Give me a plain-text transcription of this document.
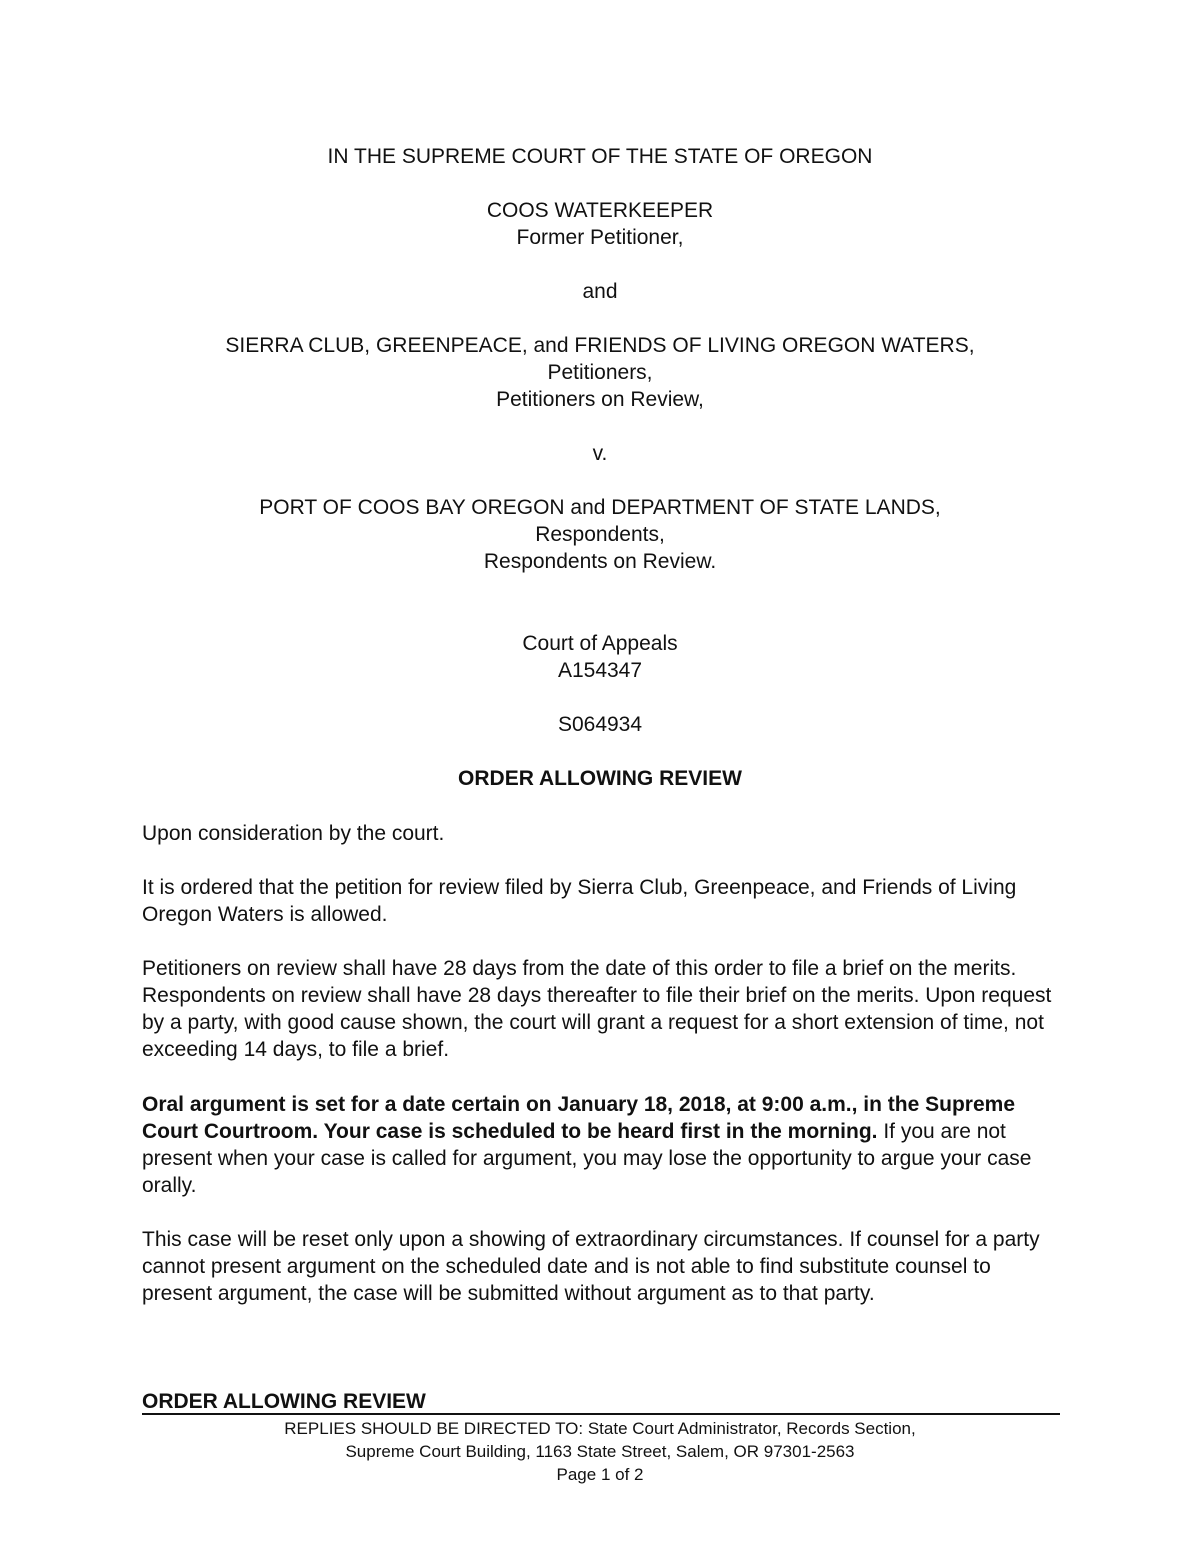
IN THE SUPREME COURT OF THE STATE OF OREGON
COOS WATERKEEPER
Former Petitioner,
and
SIERRA CLUB, GREENPEACE, and FRIENDS OF LIVING OREGON WATERS,
Petitioners,
Petitioners on Review,
v.
PORT OF COOS BAY OREGON and DEPARTMENT OF STATE LANDS,
Respondents,
Respondents on Review.
Court of Appeals
A154347
S064934
ORDER ALLOWING REVIEW
Upon consideration by the court.
It is ordered that the petition for review filed by Sierra Club, Greenpeace, and Friends of Living Oregon Waters is allowed.
Petitioners on review shall have 28 days from the date of this order to file a brief on the merits. Respondents on review shall have 28 days thereafter to file their brief on the merits. Upon request by a party, with good cause shown, the court will grant a request for a short extension of time, not exceeding 14 days, to file a brief.
Oral argument is set for a date certain on January 18, 2018, at 9:00 a.m., in the Supreme Court Courtroom. Your case is scheduled to be heard first in the morning. If you are not present when your case is called for argument, you may lose the opportunity to argue your case orally.
This case will be reset only upon a showing of extraordinary circumstances. If counsel for a party cannot present argument on the scheduled date and is not able to find substitute counsel to present argument, the case will be submitted without argument as to that party.
ORDER ALLOWING REVIEW
REPLIES SHOULD BE DIRECTED TO: State Court Administrator, Records Section,
Supreme Court Building, 1163 State Street, Salem, OR 97301-2563
Page 1 of 2
